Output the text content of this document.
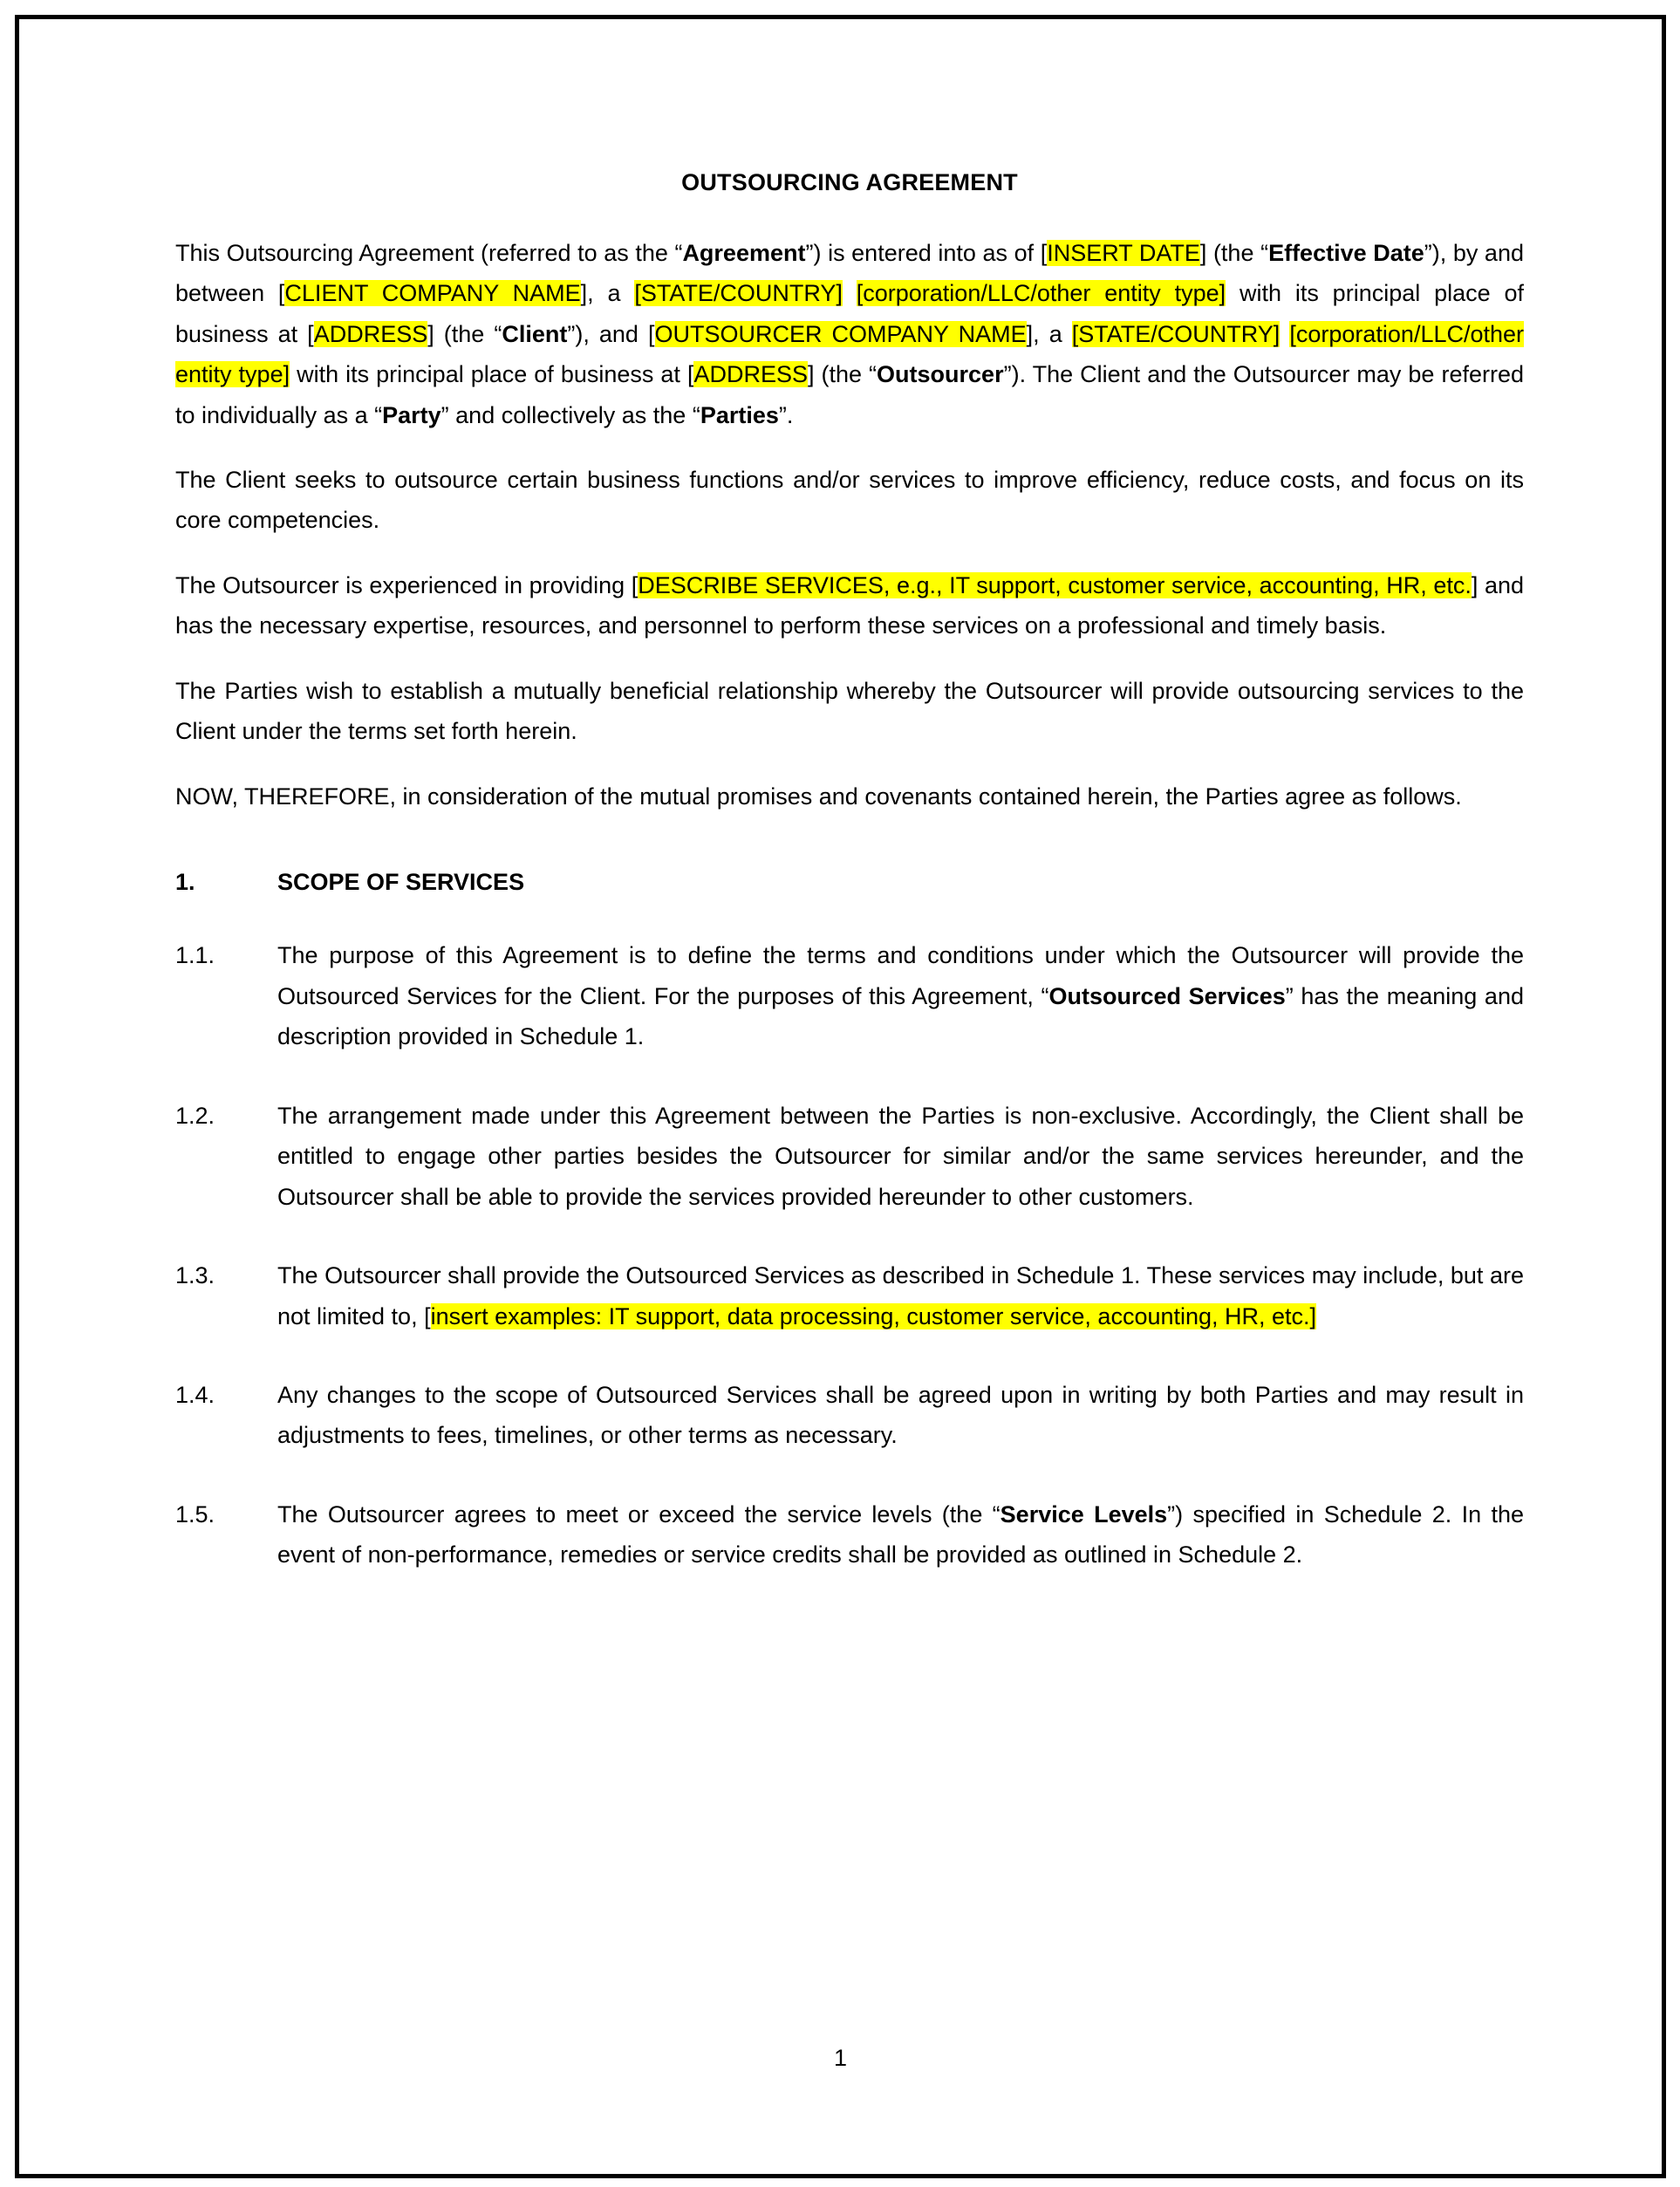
OUTSOURCING AGREEMENT

This Outsourcing Agreement (referred to as the “Agreement”) is entered into as of [INSERT DATE] (the “Effective Date”), by and between [CLIENT COMPANY NAME], a [STATE/COUNTRY] [corporation/LLC/other entity type] with its principal place of business at [ADDRESS] (the “Client”), and [OUTSOURCER COMPANY NAME], a [STATE/COUNTRY] [corporation/LLC/other entity type] with its principal place of business at [ADDRESS] (the “Outsourcer”). The Client and the Outsourcer may be referred to individually as a “Party” and collectively as the “Parties”.

The Client seeks to outsource certain business functions and/or services to improve efficiency, reduce costs, and focus on its core competencies.

The Outsourcer is experienced in providing [DESCRIBE SERVICES, e.g., IT support, customer service, accounting, HR, etc.] and has the necessary expertise, resources, and personnel to perform these services on a professional and timely basis.

The Parties wish to establish a mutually beneficial relationship whereby the Outsourcer will provide outsourcing services to the Client under the terms set forth herein.

NOW, THEREFORE, in consideration of the mutual promises and covenants contained herein, the Parties agree as follows.

1.	SCOPE OF SERVICES
1.1.	The purpose of this Agreement is to define the terms and conditions under which the Outsourcer will provide the Outsourced Services for the Client. For the purposes of this Agreement, “Outsourced Services” has the meaning and description provided in Schedule 1.
1.2.	The arrangement made under this Agreement between the Parties is non-exclusive. Accordingly, the Client shall be entitled to engage other parties besides the Outsourcer for similar and/or the same services hereunder, and the Outsourcer shall be able to provide the services provided hereunder to other customers.
1.3.	The Outsourcer shall provide the Outsourced Services as described in Schedule 1. These services may include, but are not limited to, [insert examples: IT support, data processing, customer service, accounting, HR, etc.]
1.4.	Any changes to the scope of Outsourced Services shall be agreed upon in writing by both Parties and may result in adjustments to fees, timelines, or other terms as necessary.
1.5.	The Outsourcer agrees to meet or exceed the service levels (the “Service Levels”) specified in Schedule 2. In the event of non-performance, remedies or service credits shall be provided as outlined in Schedule 2.
1
